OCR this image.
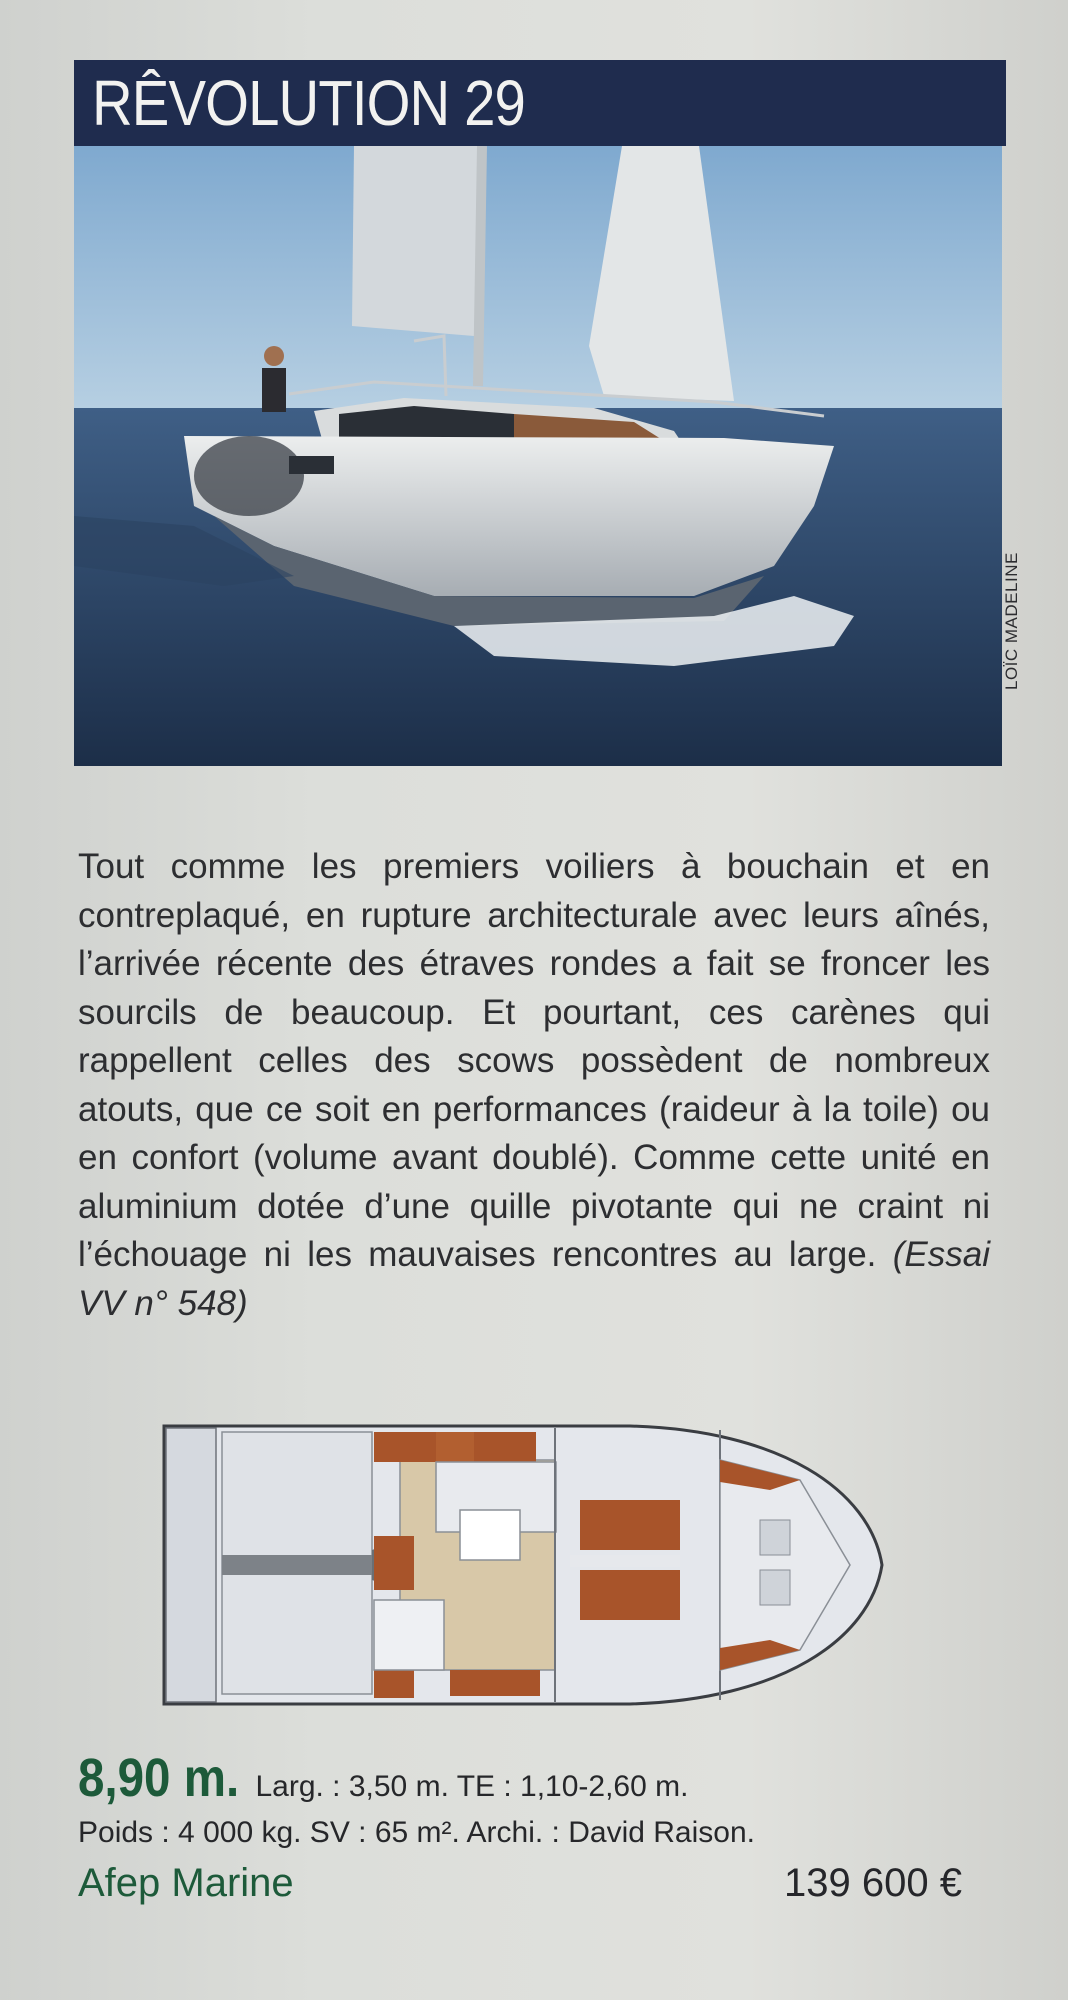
RÊVOLUTION 29
LOÏC MADELINE

Tout comme les premiers voiliers à bouchain et en contreplaqué, en rupture architecturale avec leurs aînés, l’arrivée récente des étraves rondes a fait se froncer les sourcils de beaucoup. Et pourtant, ces carènes qui rappellent celles des scows possèdent de nombreux atouts, que ce soit en performances (raideur à la toile) ou en confort (volume avant doublé). Comme cette unité en aluminium dotée d’une quille pivotante qui ne craint ni l’échouage ni les mauvaises rencontres au large. (Essai VV n° 548)

8,90 m. Larg. : 3,50 m. TE : 1,10-2,60 m.
Poids : 4 000 kg. SV : 65 m². Archi. : David Raison.
Afep Marine	139 600 €
